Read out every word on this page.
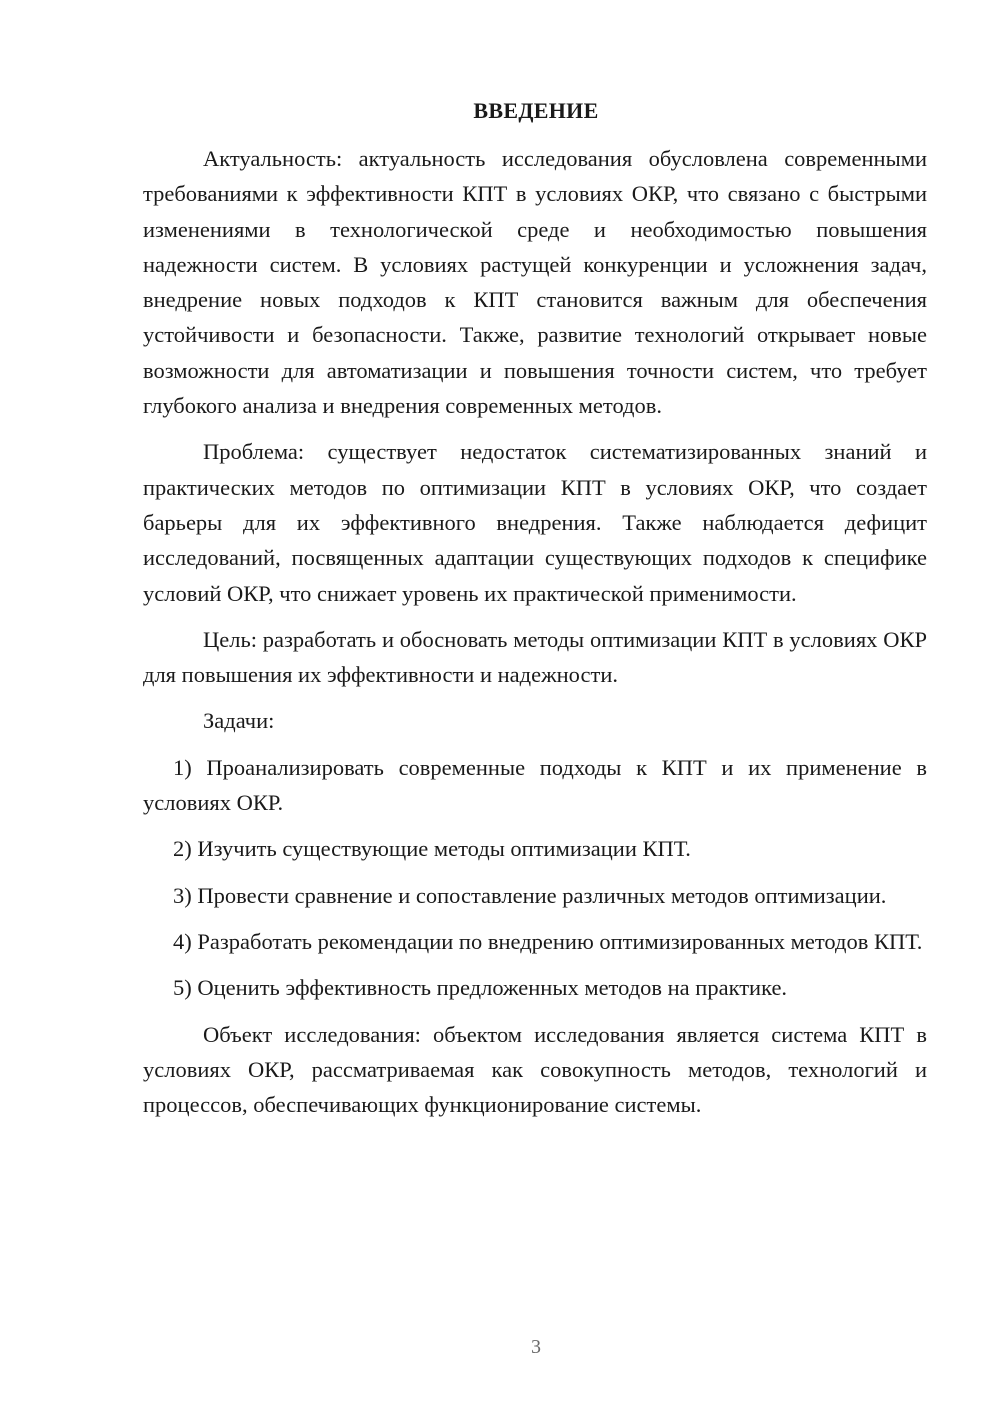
ВВЕДЕНИЕ

Актуальность: актуальность исследования обусловлена современными требованиями к эффективности КПТ в условиях ОКР, что связано с быстрыми изменениями в технологической среде и необходимостью повышения надежности систем. В условиях растущей конкуренции и усложнения задач, внедрение новых подходов к КПТ становится важным для обеспечения устойчивости и безопасности. Также, развитие технологий открывает новые возможности для автоматизации и повышения точности систем, что требует глубокого анализа и внедрения современных методов.

Проблема: существует недостаток систематизированных знаний и практических методов по оптимизации КПТ в условиях ОКР, что создает барьеры для их эффективного внедрения. Также наблюдается дефицит исследований, посвященных адаптации существующих подходов к специфике условий ОКР, что снижает уровень их практической применимости.

Цель: разработать и обосновать методы оптимизации КПТ в условиях ОКР для повышения их эффективности и надежности.

Задачи:

1) Проанализировать современные подходы к КПТ и их применение в условиях ОКР.

2) Изучить существующие методы оптимизации КПТ.

3) Провести сравнение и сопоставление различных методов оптимизации.

4) Разработать рекомендации по внедрению оптимизированных методов КПТ.

5) Оценить эффективность предложенных методов на практике.

Объект исследования: объектом исследования является система КПТ в условиях ОКР, рассматриваемая как совокупность методов, технологий и процессов, обеспечивающих функционирование системы.

3
